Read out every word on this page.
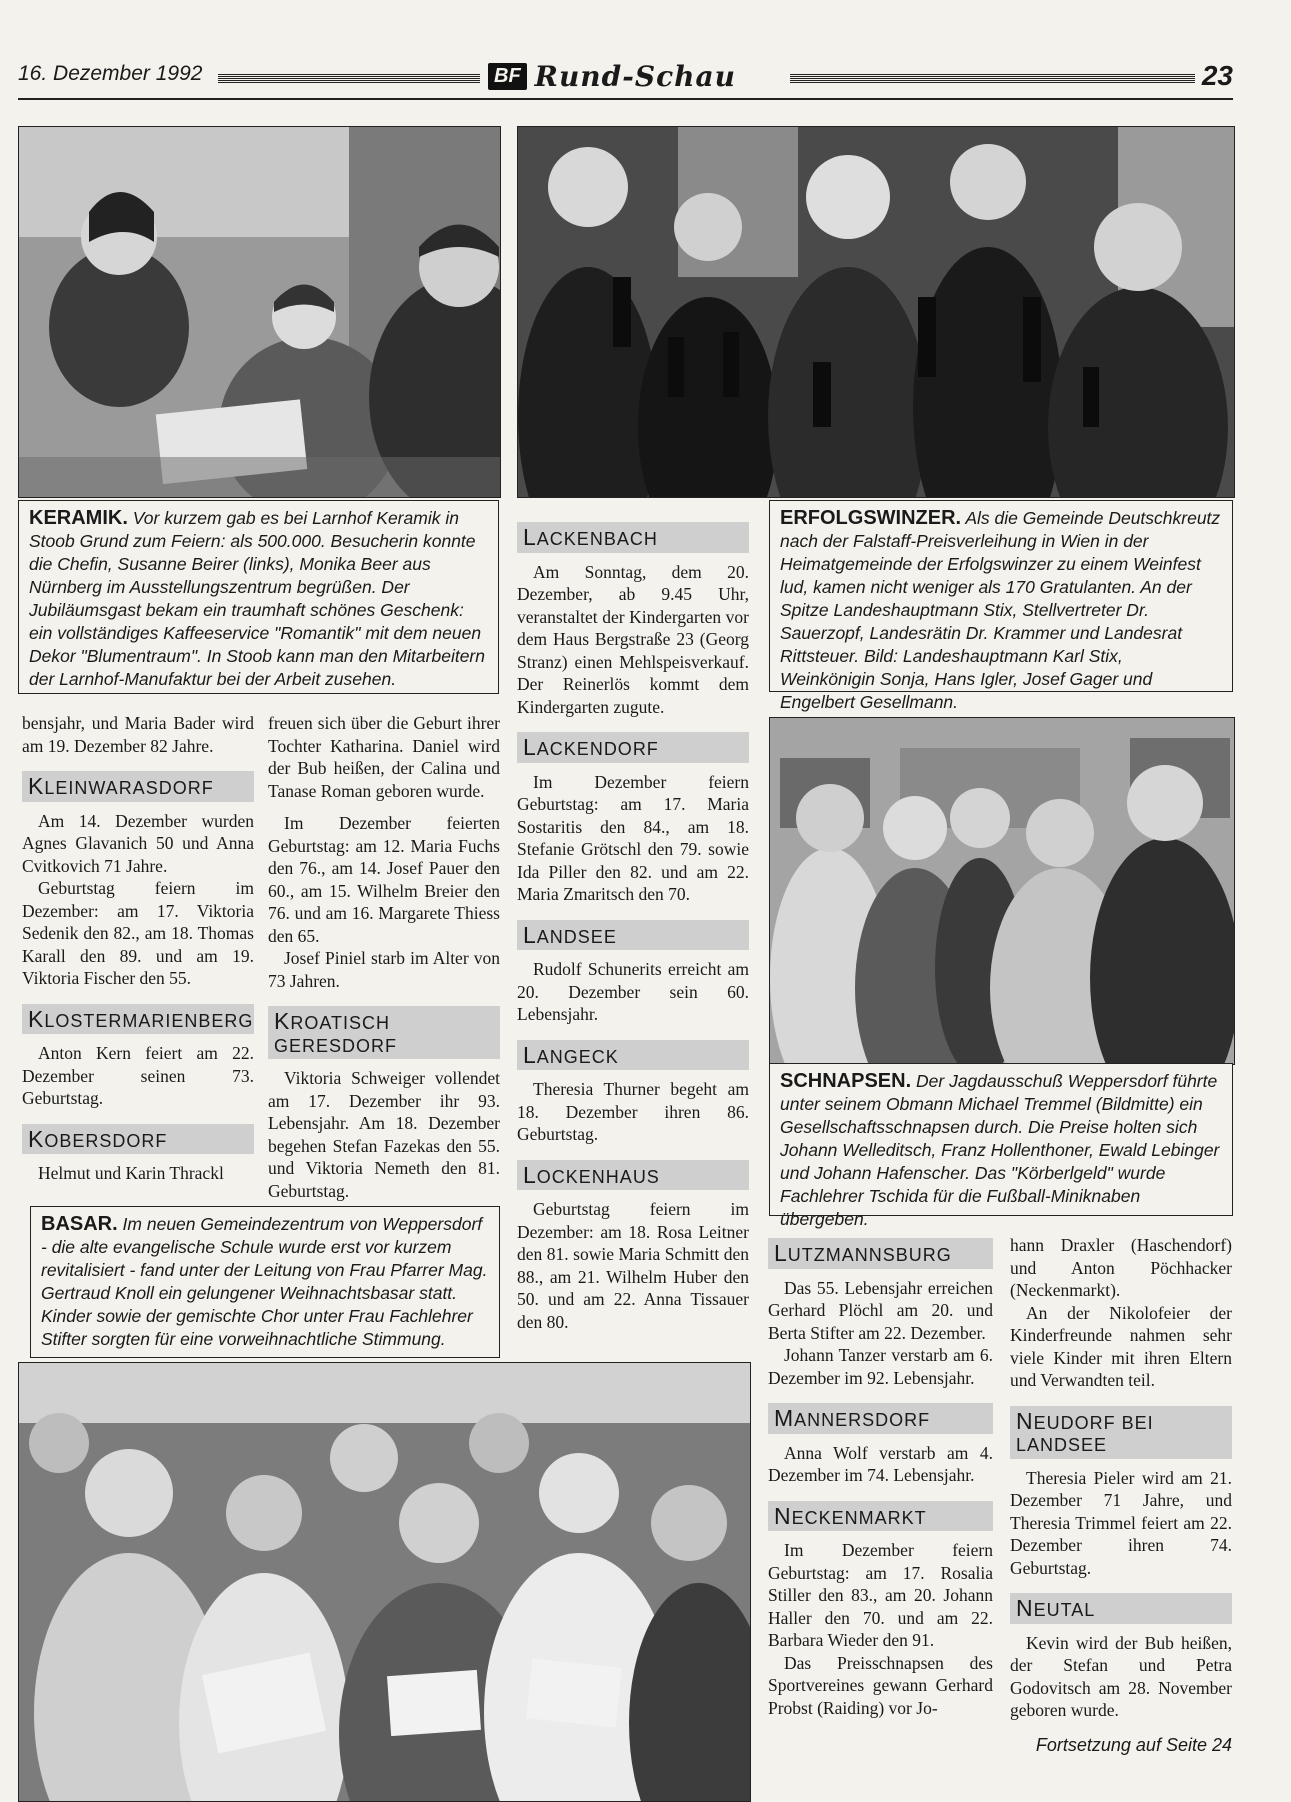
16. Dezember 1992	BF Rund-Schau	23
KERAMIK. Vor kurzem gab es bei Larnhof Keramik in Stoob Grund zum Feiern: als 500.000. Besucherin konnte die Chefin, Susanne Beirer (links), Monika Beer aus Nürnberg im Ausstellungszentrum begrüßen. Der Jubiläumsgast bekam ein traumhaft schönes Geschenk: ein vollständiges Kaffeeservice "Romantik" mit dem neuen Dekor "Blumentraum". In Stoob kann man den Mitarbeitern der Larnhof-Manufaktur bei der Arbeit zusehen.
ERFOLGSWINZER. Als die Gemeinde Deutschkreutz nach der Falstaff-Preisverleihung in Wien in der Heimatgemeinde der Erfolgswinzer zu einem Weinfest lud, kamen nicht weniger als 170 Gratulanten. An der Spitze Landeshauptmann Stix, Stellvertreter Dr. Sauerzopf, Landesrätin Dr. Krammer und Landesrat Rittsteuer. Bild: Landeshauptmann Karl Stix, Weinkönigin Sonja, Hans Igler, Josef Gager und Engelbert Gesellmann.

bensjahr, und Maria Bader wird am 19. Dezember 82 Jahre.

KLEINWARASDORF

Am 14. Dezember wurden Agnes Glavanich 50 und Anna Cvitkovich 71 Jahre.

Geburtstag feiern im Dezember: am 17. Viktoria Sedenik den 82., am 18. Thomas Karall den 89. und am 19. Viktoria Fischer den 55.

KLOSTERMARIENBERG

Anton Kern feiert am 22. Dezember seinen 73. Geburtstag.

KOBERSDORF

Helmut und Karin Thrackl

freuen sich über die Geburt ihrer Tochter Katharina. Daniel wird der Bub heißen, der Calina und Tanase Roman geboren wurde.

Im Dezember feierten Geburtstag: am 12. Maria Fuchs den 76., am 14. Josef Pauer den 60., am 15. Wilhelm Breier den 76. und am 16. Margarete Thiess den 65.

Josef Piniel starb im Alter von 73 Jahren.

KROATISCH GERESDORF

Viktoria Schweiger vollendet am 17. Dezember ihr 93. Lebensjahr. Am 18. Dezember begehen Stefan Fazekas den 55. und Viktoria Nemeth den 81. Geburtstag.

LACKENBACH

Am Sonntag, dem 20. Dezember, ab 9.45 Uhr, veranstaltet der Kindergarten vor dem Haus Bergstraße 23 (Georg Stranz) einen Mehlspeisverkauf. Der Reinerlös kommt dem Kindergarten zugute.

LACKENDORF

Im Dezember feiern Geburtstag: am 17. Maria Sostaritis den 84., am 18. Stefanie Grötschl den 79. sowie Ida Piller den 82. und am 22. Maria Zmaritsch den 70.

LANDSEE

Rudolf Schunerits erreicht am 20. Dezember sein 60. Lebensjahr.

LANGECK

Theresia Thurner begeht am 18. Dezember ihren 86. Geburtstag.

LOCKENHAUS

Geburtstag feiern im Dezember: am 18. Rosa Leitner den 81. sowie Maria Schmitt den 88., am 21. Wilhelm Huber den 50. und am 22. Anna Tissauer den 80.

SCHNAPSEN. Der Jagdausschuß Weppersdorf führte unter seinem Obmann Michael Tremmel (Bildmitte) ein Gesellschaftsschnapsen durch. Die Preise holten sich Johann Welleditsch, Franz Hollenthoner, Ewald Lebinger und Johann Hafenscher. Das "Körberlgeld" wurde Fachlehrer Tschida für die Fußball-Miniknaben übergeben.
BASAR. Im neuen Gemeindezentrum von Weppersdorf - die alte evangelische Schule wurde erst vor kurzem revitalisiert - fand unter der Leitung von Frau Pfarrer Mag. Gertraud Knoll ein gelungener Weihnachtsbasar statt. Kinder sowie der gemischte Chor unter Frau Fachlehrer Stifter sorgten für eine vorweihnachtliche Stimmung.
LUTZMANNSBURG

Das 55. Lebensjahr erreichen Gerhard Plöchl am 20. und Berta Stifter am 22. Dezember.

Johann Tanzer verstarb am 6. Dezember im 92. Lebensjahr.

MANNERSDORF

Anna Wolf verstarb am 4. Dezember im 74. Lebensjahr.

NECKENMARKT

Im Dezember feiern Geburtstag: am 17. Rosalia Stiller den 83., am 20. Johann Haller den 70. und am 22. Barbara Wieder den 91.

Das Preisschnapsen des Sportvereines gewann Gerhard Probst (Raiding) vor Jo-

hann Draxler (Haschendorf) und Anton Pöchhacker (Neckenmarkt).

An der Nikolofeier der Kinderfreunde nahmen sehr viele Kinder mit ihren Eltern und Verwandten teil.

NEUDORF BEI LANDSEE

Theresia Pieler wird am 21. Dezember 71 Jahre, und Theresia Trimmel feiert am 22. Dezember ihren 74. Geburtstag.

NEUTAL

Kevin wird der Bub heißen, der Stefan und Petra Godovitsch am 28. November geboren wurde.

Fortsetzung auf Seite 24
